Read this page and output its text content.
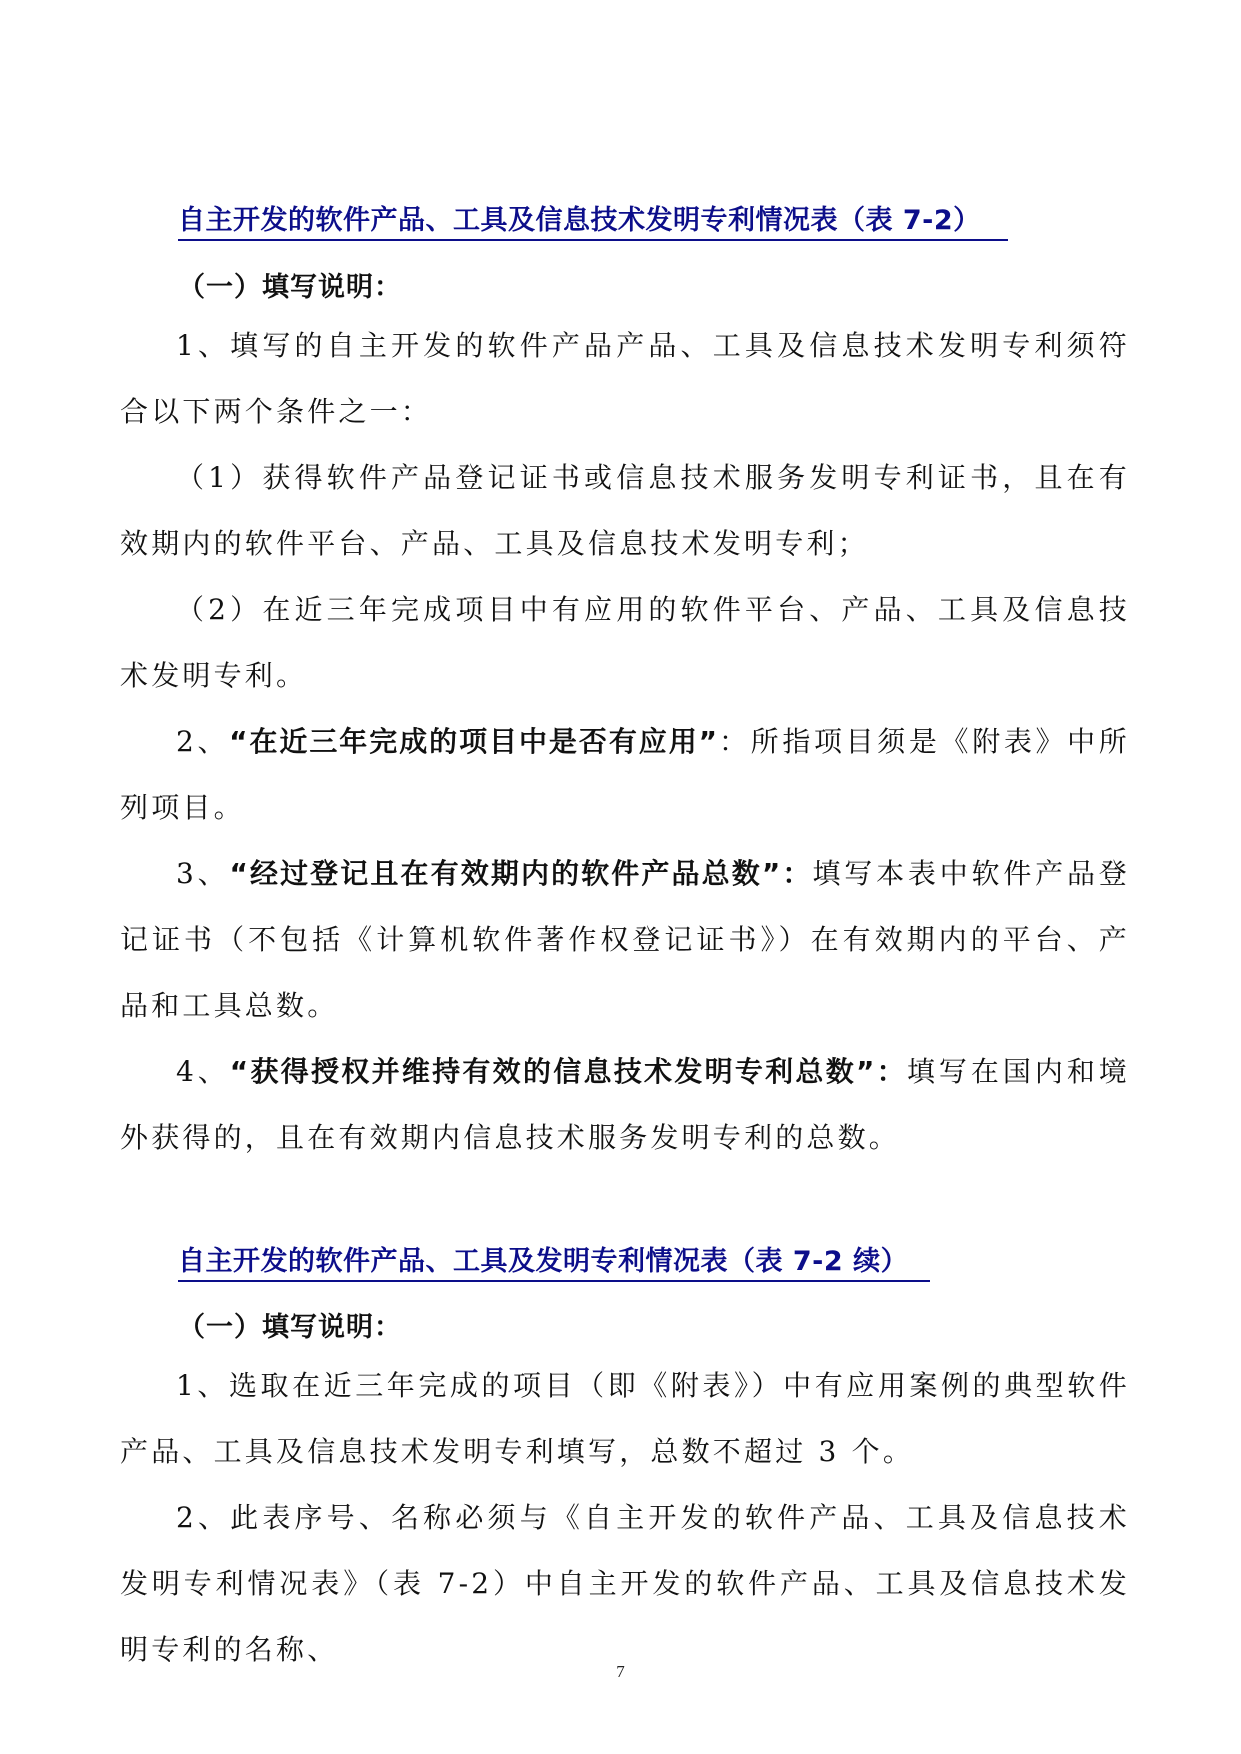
自主开发的软件产品、工具及信息技术发明专利情况表（表 7-2）
（一）填写说明：

1、填写的自主开发的软件产品产品、工具及信息技术发明专利须符合以下两个条件之一：

（1）获得软件产品登记证书或信息技术服务发明专利证书，且在有效期内的软件平台、产品、工具及信息技术发明专利；

（2）在近三年完成项目中有应用的软件平台、产品、工具及信息技术发明专利。

2、“在近三年完成的项目中是否有应用”：所指项目须是《附表》中所列项目。

3、“经过登记且在有效期内的软件产品总数”：填写本表中软件产品登记证书（不包括《计算机软件著作权登记证书》）在有效期内的平台、产品和工具总数。

4、“获得授权并维持有效的信息技术发明专利总数”：填写在国内和境外获得的，且在有效期内信息技术服务发明专利的总数。

自主开发的软件产品、工具及发明专利情况表（表 7-2 续）
（一）填写说明：

1、选取在近三年完成的项目（即《附表》）中有应用案例的典型软件产品、工具及信息技术发明专利填写，总数不超过 3 个。

2、此表序号、名称必须与《自主开发的软件产品、工具及信息技术发明专利情况表》（表 7-2）中自主开发的软件产品、工具及信息技术发明专利的名称、

7
